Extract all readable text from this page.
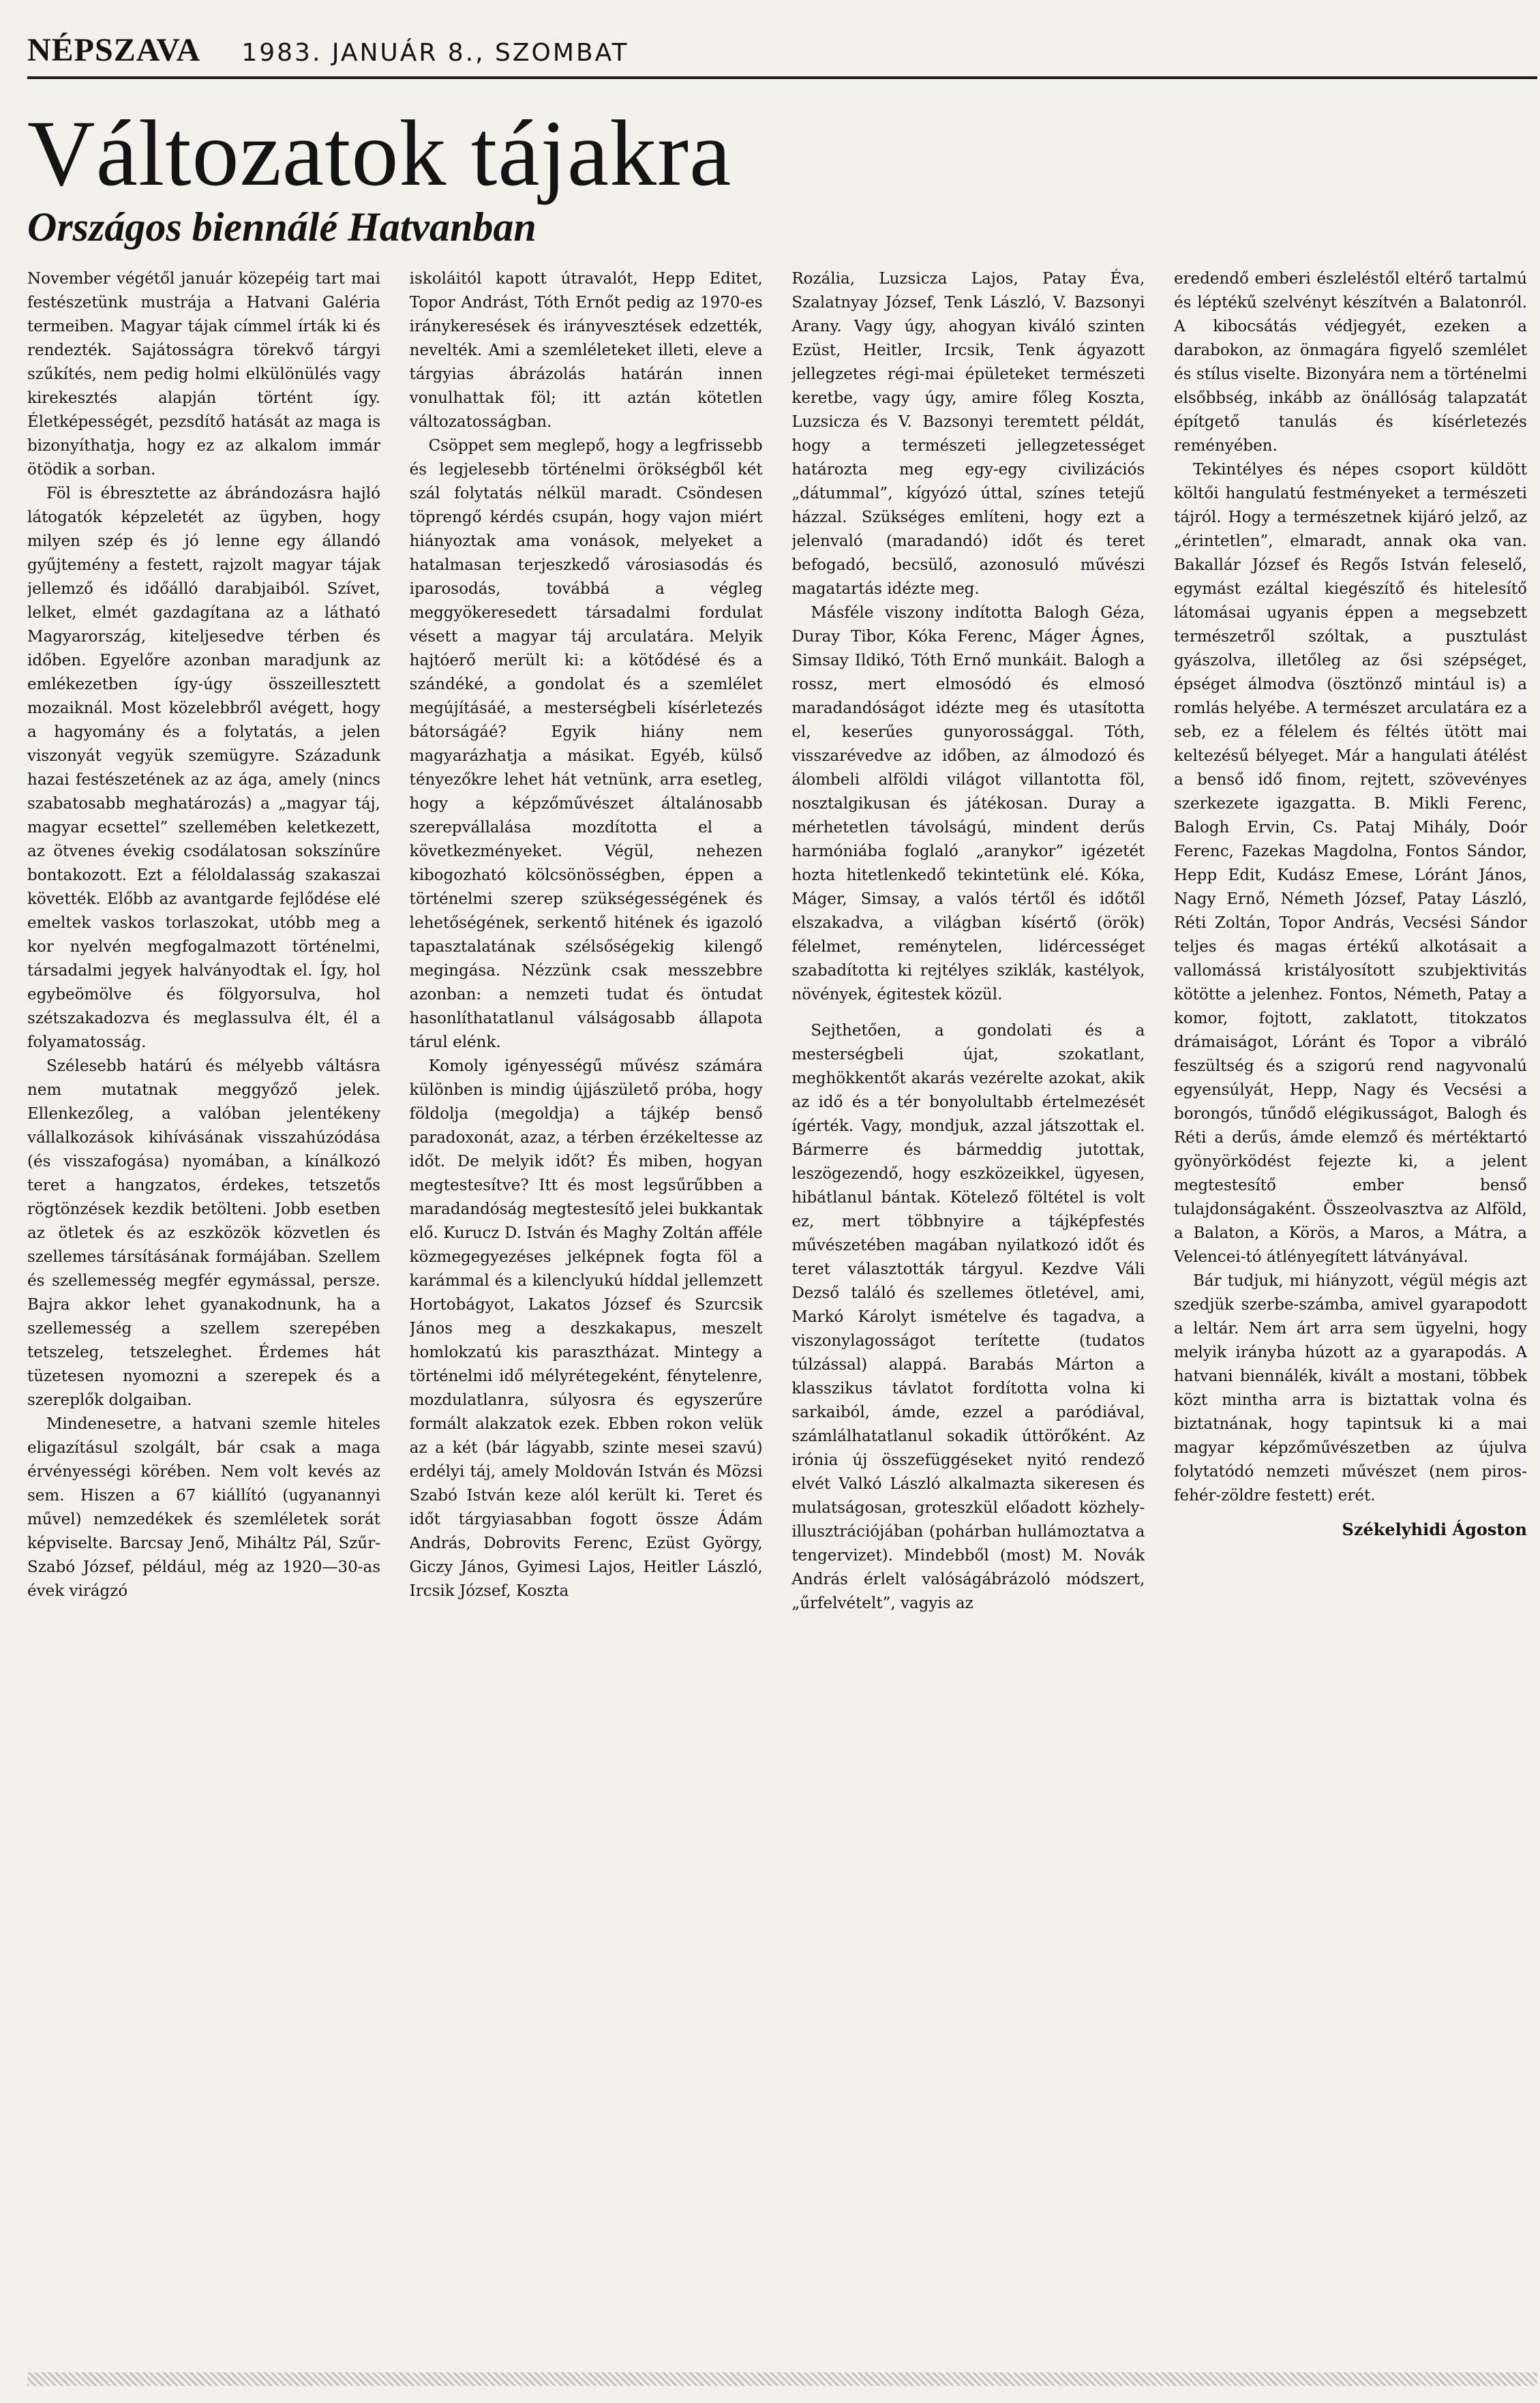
NÉPSZAVA 1983. JANUÁR 8., SZOMBAT
Változatok tájakra
Országos biennálé Hatvanban

November végétől január közepéig tart mai festészetünk mustrája a Hatvani Galéria termeiben. Magyar tájak címmel írták ki és rendezték. Sajátosságra törekvő tárgyi szűkítés, nem pedig holmi elkülönülés vagy kirekesztés alapján történt így. Életképességét, pezsdítő hatását az maga is bizonyíthatja, hogy ez az alkalom immár ötödik a sorban.

Föl is ébresztette az ábrándozásra hajló látogatók képzeletét az ügyben, hogy milyen szép és jó lenne egy állandó gyűjtemény a festett, rajzolt magyar tájak jellemző és időálló darabjaiból. Szívet, lelket, elmét gazdagítana az a látható Magyarország, kiteljesedve térben és időben. Egyelőre azonban maradjunk az emlékezetben így-úgy összeillesztett mozaiknál. Most közelebbről avégett, hogy a hagyomány és a folytatás, a jelen viszonyát vegyük szemügyre. Századunk hazai festészetének az az ága, amely (nincs szabatosabb meghatározás) a „magyar táj, magyar ecsettel” szellemében keletkezett, az ötvenes évekig csodálatosan sokszínűre bontakozott. Ezt a féloldalasság szakaszai követték. Előbb az avantgarde fejlődése elé emeltek vaskos torlaszokat, utóbb meg a kor nyelvén megfogalmazott történelmi, társadalmi jegyek halványodtak el. Így, hol egybeömölve és fölgyorsulva, hol szétszakadozva és meglassulva élt, él a folyamatosság.

Szélesebb határú és mélyebb váltásra nem mutatnak meggyőző jelek. Ellenkezőleg, a valóban jelentékeny vállalkozások kihívásának visszahúzódása (és visszafogása) nyomában, a kínálkozó teret a hangzatos, érdekes, tetszetős rögtönzések kezdik betölteni. Jobb esetben az ötletek és az eszközök közvetlen és szellemes társításának formájában. Szellem és szellemesség megfér egymással, persze. Bajra akkor lehet gyanakodnunk, ha a szellemesség a szellem szerepében tetszeleg, tetszeleghet. Érdemes hát tüzetesen nyomozni a szerepek és a szereplők dolgaiban.

Mindenesetre, a hatvani szemle hiteles eligazításul szolgált, bár csak a maga érvényességi körében. Nem volt kevés az sem. Hiszen a 67 kiállító (ugyanannyi művel) nemzedékek és szemléletek sorát képviselte. Barcsay Jenő, Miháltz Pál, Szűr-Szabó József, például, még az 1920—30-as évek virágzó

iskoláitól kapott útravalót, Hepp Editet, Topor Andrást, Tóth Ernőt pedig az 1970-es iránykeresések és irányvesztések edzették, nevelték. Ami a szemléleteket illeti, eleve a tárgyias ábrázolás határán innen vonulhattak föl; itt aztán kötetlen változatosságban.

Csöppet sem meglepő, hogy a legfrissebb és legjelesebb történelmi örökségből két szál folytatás nélkül maradt. Csöndesen töprengő kérdés csupán, hogy vajon miért hiányoztak ama vonások, melyeket a hatalmasan terjeszkedő városiasodás és iparosodás, továbbá a végleg meggyökeresedett társadalmi fordulat vésett a magyar táj arculatára. Melyik hajtóerő merült ki: a kötődésé és a szándéké, a gondolat és a szemlélet megújításáé, a mesterségbeli kísérletezés bátorságáé? Egyik hiány nem magyarázhatja a másikat. Egyéb, külső tényezőkre lehet hát vetnünk, arra esetleg, hogy a képzőművészet általánosabb szerepvállalása mozdította el a következményeket. Végül, nehezen kibogozható kölcsönösségben, éppen a történelmi szerep szükségességének és lehetőségének, serkentő hitének és igazoló tapasztalatának szélsőségekig kilengő megingása. Nézzünk csak messzebbre azonban: a nemzeti tudat és öntudat hasonlíthatatlanul válságosabb állapota tárul elénk.

Komoly igényességű művész számára különben is mindig újjászülető próba, hogy földolja (megoldja) a tájkép benső paradoxonát, azaz, a térben érzékeltesse az időt. De melyik időt? És miben, hogyan megtestesítve? Itt és most legsűrűbben a maradandóság megtestesítő jelei bukkantak elő. Kurucz D. István és Maghy Zoltán afféle közmegegyezéses jelképnek fogta föl a karámmal és a kilenclyukú híddal jellemzett Hortobágyot, Lakatos József és Szurcsik János meg a deszkakapus, meszelt homlokzatú kis parasztházat. Mintegy a történelmi idő mélyrétegeként, fénytelenre, mozdulatlanra, súlyosra és egyszerűre formált alakzatok ezek. Ebben rokon velük az a két (bár lágyabb, szinte mesei szavú) erdélyi táj, amely Moldován István és Mözsi Szabó István keze alól került ki. Teret és időt tárgyiasabban fogott össze Ádám András, Dobrovits Ferenc, Ezüst György, Giczy János, Gyimesi Lajos, Heitler László, Ircsik József, Koszta

Rozália, Luzsicza Lajos, Patay Éva, Szalatnyay József, Tenk László, V. Bazsonyi Arany. Vagy úgy, ahogyan kiváló szinten Ezüst, Heitler, Ircsik, Tenk ágyazott jellegzetes régi-mai épületeket természeti keretbe, vagy úgy, amire főleg Koszta, Luzsicza és V. Bazsonyi teremtett példát, hogy a természeti jellegzetességet határozta meg egy-egy civilizációs „dátummal”, kígyózó úttal, színes tetejű házzal. Szükséges említeni, hogy ezt a jelenvaló (maradandó) időt és teret befogadó, becsülő, azonosuló művészi magatartás idézte meg.

Másféle viszony indította Balogh Géza, Duray Tibor, Kóka Ferenc, Máger Ágnes, Simsay Ildikó, Tóth Ernő munkáit. Balogh a rossz, mert elmosódó és elmosó maradandóságot idézte meg és utasította el, keserűes gunyorossággal. Tóth, visszarévedve az időben, az álmodozó és álombeli alföldi világot villantotta föl, nosztalgikusan és játékosan. Duray a mérhetetlen távolságú, mindent derűs harmóniába foglaló „aranykor” igézetét hozta hitetlenkedő tekintetünk elé. Kóka, Máger, Simsay, a valós tértől és időtől elszakadva, a világban kísértő (örök) félelmet, reménytelen, lidércességet szabadította ki rejtélyes sziklák, kastélyok, növények, égitestek közül.

Sejthetően, a gondolati és a mesterségbeli újat, szokatlant, meghökkentőt akarás vezérelte azokat, akik az idő és a tér bonyolultabb értelmezését ígérték. Vagy, mondjuk, azzal játszottak el. Bármerre és bármeddig jutottak, leszögezendő, hogy eszközeikkel, ügyesen, hibátlanul bántak. Kötelező föltétel is volt ez, mert többnyire a tájképfestés művészetében magában nyilatkozó időt és teret választották tárgyul. Kezdve Váli Dezső találó és szellemes ötletével, ami, Markó Károlyt ismételve és tagadva, a viszonylagosságot terítette (tudatos túlzással) alappá. Barabás Márton a klasszikus távlatot fordította volna ki sarkaiból, ámde, ezzel a paródiával, számlálhatatlanul sokadik úttörőként. Az irónia új összefüggéseket nyitó rendező elvét Valkó László alkalmazta sikeresen és mulatságosan, groteszkül előadott közhely-illusztrációjában (pohárban hullámoztatva a tengervizet). Mindebből (most) M. Novák András érlelt valóságábrázoló módszert, „űrfelvételt”, vagyis az

eredendő emberi észleléstől eltérő tartalmú és léptékű szelvényt készítvén a Balatonról. A kibocsátás védjegyét, ezeken a darabokon, az önmagára figyelő szemlélet és stílus viselte. Bizonyára nem a történelmi elsőbbség, inkább az önállóság talapzatát építgető tanulás és kísérletezés reményében.

Tekintélyes és népes csoport küldött költői hangulatú festményeket a természeti tájról. Hogy a természetnek kijáró jelző, az „érintetlen”, elmaradt, annak oka van. Bakallár József és Regős István feleselő, egymást ezáltal kiegészítő és hitelesítő látomásai ugyanis éppen a megsebzett természetről szóltak, a pusztulást gyászolva, illetőleg az ősi szépséget, épséget álmodva (ösztönző mintául is) a romlás helyébe. A természet arculatára ez a seb, ez a félelem és féltés ütött mai keltezésű bélyeget. Már a hangulati átélést a benső idő finom, rejtett, szövevényes szerkezete igazgatta. B. Mikli Ferenc, Balogh Ervin, Cs. Pataj Mihály, Doór Ferenc, Fazekas Magdolna, Fontos Sándor, Hepp Edit, Kudász Emese, Lóránt János, Nagy Ernő, Németh József, Patay László, Réti Zoltán, Topor András, Vecsési Sándor teljes és magas értékű alkotásait a vallomássá kristályosított szubjektivitás kötötte a jelenhez. Fontos, Németh, Patay a komor, fojtott, zaklatott, titokzatos drámaiságot, Lóránt és Topor a vibráló feszültség és a szigorú rend nagyvonalú egyensúlyát, Hepp, Nagy és Vecsési a borongós, tűnődő elégikusságot, Balogh és Réti a derűs, ámde elemző és mértéktartó gyönyörködést fejezte ki, a jelent megtestesítő ember benső tulajdonságaként. Összeolvasztva az Alföld, a Balaton, a Körös, a Maros, a Mátra, a Velencei-tó átlényegített látványával.

Bár tudjuk, mi hiányzott, végül mégis azt szedjük szerbe-számba, amivel gyarapodott a leltár. Nem árt arra sem ügyelni, hogy melyik irányba húzott az a gyarapodás. A hatvani biennálék, kivált a mostani, többek közt mintha arra is biztattak volna és biztatnának, hogy tapintsuk ki a mai magyar képzőművészetben az újulva folytatódó nemzeti művészet (nem piros-fehér-zöldre festett) erét.

Székelyhidi Ágoston
